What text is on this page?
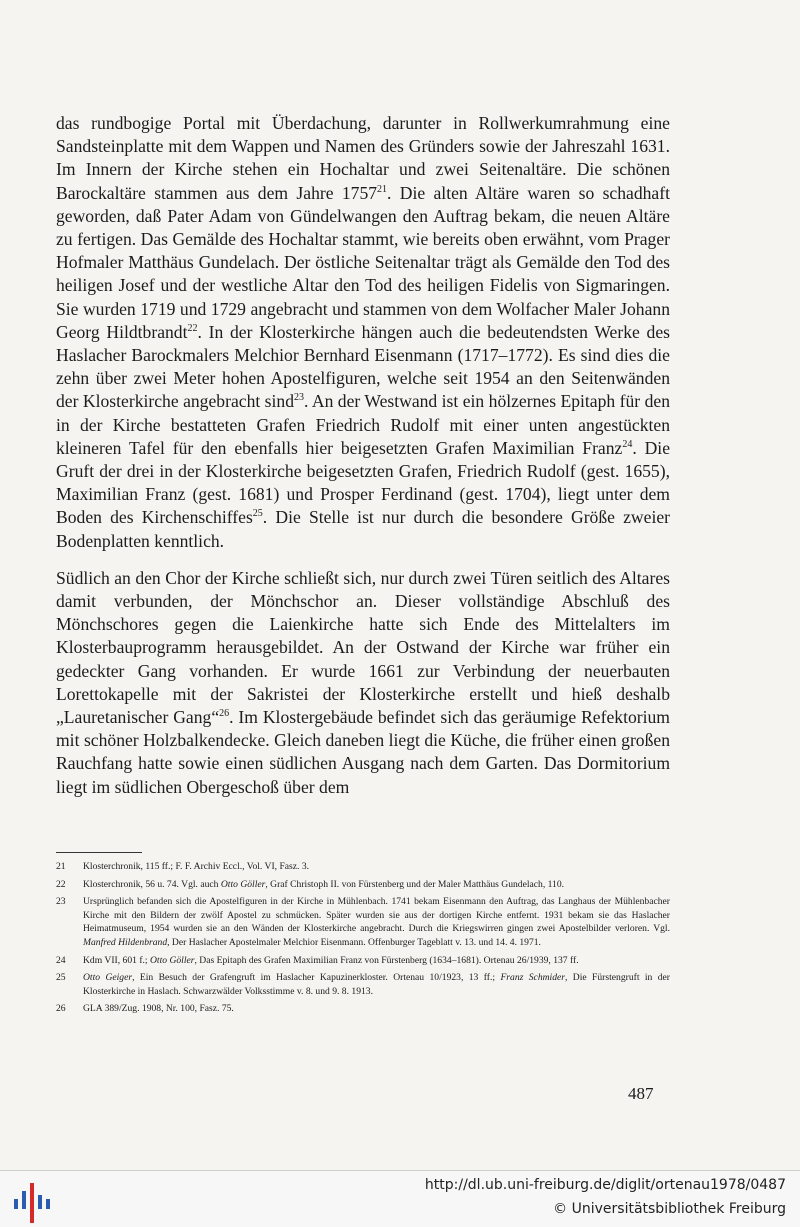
das rundbogige Portal mit Überdachung, darunter in Rollwerkumrahmung eine Sandsteinplatte mit dem Wappen und Namen des Gründers sowie der Jahreszahl 1631. Im Innern der Kirche stehen ein Hochaltar und zwei Seitenaltäre. Die schönen Barockaltäre stammen aus dem Jahre 1757$^{21}$. Die alten Altäre waren so schadhaft geworden, daß Pater Adam von Gündelwangen den Auftrag bekam, die neuen Altäre zu fertigen. Das Gemälde des Hochaltar stammt, wie bereits oben erwähnt, vom Prager Hofmaler Matthäus Gundelach. Der östliche Seitenaltar trägt als Gemälde den Tod des heiligen Josef und der westliche Altar den Tod des heiligen Fidelis von Sigmaringen. Sie wurden 1719 und 1729 angebracht und stammen von dem Wolfacher Maler Johann Georg Hildtbrandt$^{22}$. In der Klosterkirche hängen auch die bedeutendsten Werke des Haslacher Barockmalers Melchior Bernhard Eisenmann (1717–1772). Es sind dies die zehn über zwei Meter hohen Apostelfiguren, welche seit 1954 an den Seitenwänden der Klosterkirche angebracht sind$^{23}$. An der Westwand ist ein hölzernes Epitaph für den in der Kirche bestatteten Grafen Friedrich Rudolf mit einer unten angestückten kleineren Tafel für den ebenfalls hier beigesetzten Grafen Maximilian Franz$^{24}$. Die Gruft der drei in der Klosterkirche beigesetzten Grafen, Friedrich Rudolf (gest. 1655), Maximilian Franz (gest. 1681) und Prosper Ferdinand (gest. 1704), liegt unter dem Boden des Kirchenschiffes$^{25}$. Die Stelle ist nur durch die besondere Größe zweier Bodenplatten kenntlich.

Südlich an den Chor der Kirche schließt sich, nur durch zwei Türen seitlich des Altares damit verbunden, der Mönchschor an. Dieser vollständige Abschluß des Mönchschores gegen die Laienkirche hatte sich Ende des Mittelalters im Klosterbauprogramm herausgebildet. An der Ostwand der Kirche war früher ein gedeckter Gang vorhanden. Er wurde 1661 zur Verbindung der neuerbauten Lorettokapelle mit der Sakristei der Klosterkirche erstellt und hieß deshalb „Lauretanischer Gang“$^{26}$. Im Klostergebäude befindet sich das geräumige Refektorium mit schöner Holzbalkendecke. Gleich daneben liegt die Küche, die früher einen großen Rauchfang hatte sowie einen südlichen Ausgang nach dem Garten. Das Dormitorium liegt im südlichen Obergeschoß über dem

21	Klosterchronik, 115 ff.; F. F. Archiv Eccl., Vol. VI, Fasz. 3.
22	Klosterchronik, 56 u. 74. Vgl. auch Otto Göller, Graf Christoph II. von Fürstenberg und der Maler Matthäus Gundelach, 110.
23	Ursprünglich befanden sich die Apostelfiguren in der Kirche in Mühlenbach. 1741 bekam Eisenmann den Auftrag, das Langhaus der Mühlenbacher Kirche mit den Bildern der zwölf Apostel zu schmücken. Später wurden sie aus der dortigen Kirche entfernt. 1931 bekam sie das Haslacher Heimatmuseum, 1954 wurden sie an den Wänden der Klosterkirche angebracht. Durch die Kriegswirren gingen zwei Apostelbilder verloren. Vgl. Manfred Hildenbrand, Der Haslacher Apostelmaler Melchior Eisenmann. Offenburger Tageblatt v. 13. und 14. 4. 1971.
24	Kdm VII, 601 f.; Otto Göller, Das Epitaph des Grafen Maximilian Franz von Fürstenberg (1634–1681). Ortenau 26/1939, 137 ff.
25	Otto Geiger, Ein Besuch der Grafengruft im Haslacher Kapuzinerkloster. Ortenau 10/1923, 13 ff.; Franz Schmider, Die Fürstengruft in der Klosterkirche in Haslach. Schwarzwälder Volksstimme v. 8. und 9. 8. 1913.
26	GLA 389/Zug. 1908, Nr. 100, Fasz. 75.
487
http://dl.ub.uni-freiburg.de/diglit/ortenau1978/0487
© Universitätsbibliothek Freiburg
